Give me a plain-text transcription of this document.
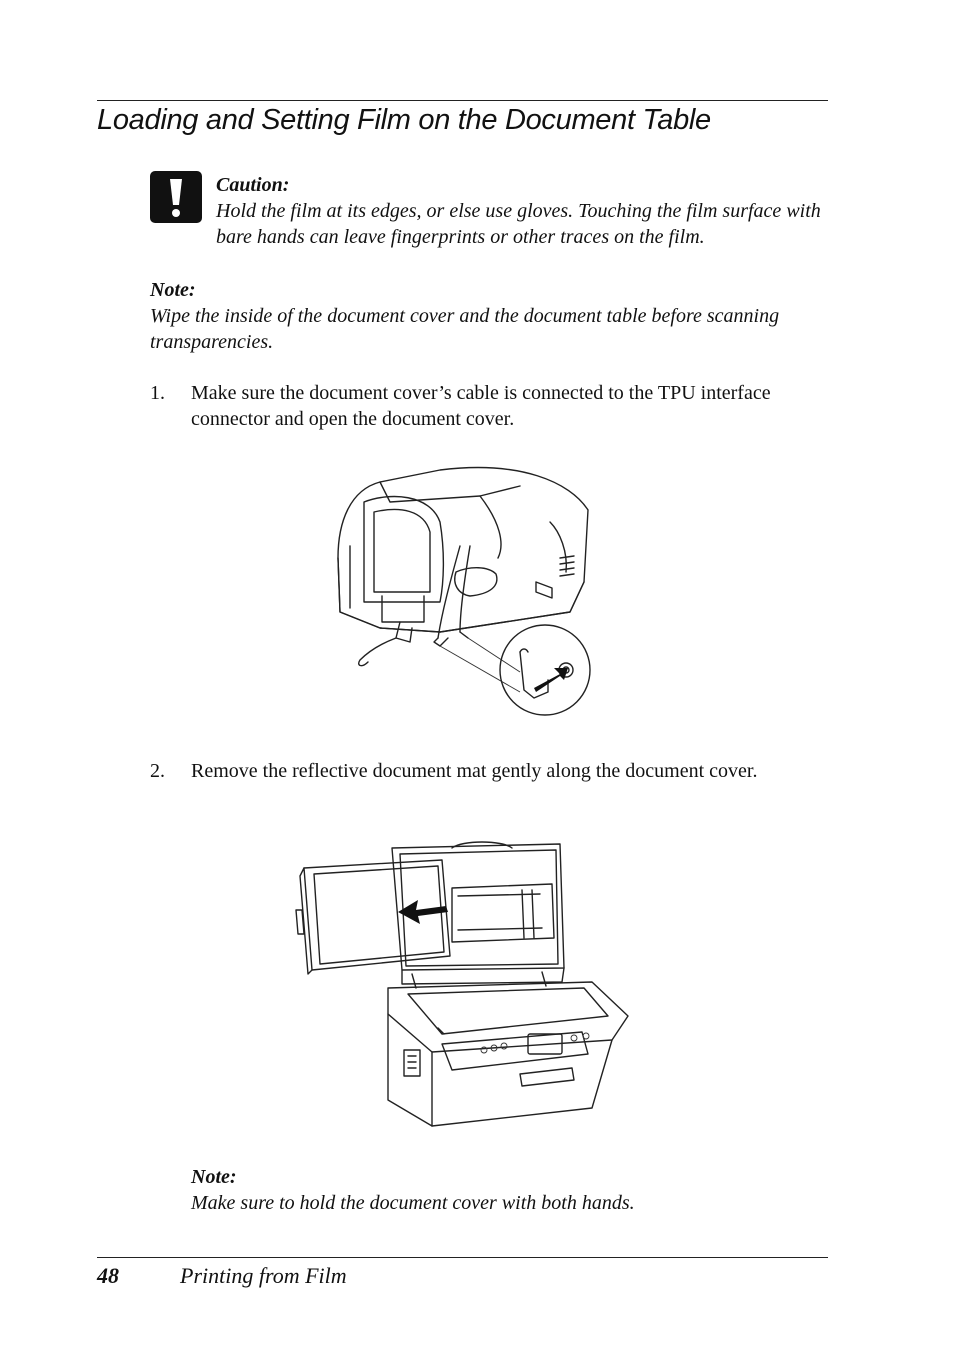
Loading and Setting Film on the Document Table
Caution:
Hold the film at its edges, or else use gloves. Touching the film surface with bare hands can leave fingerprints or other traces on the film.
Note:
Wipe the inside of the document cover and the document table before scanning transparencies.
1. Make sure the document cover’s cable is connected to the TPU interface connector and open the document cover.
2. Remove the reflective document mat gently along the document cover.
Note:
Make sure to hold the document cover with both hands.
48	Printing from Film
